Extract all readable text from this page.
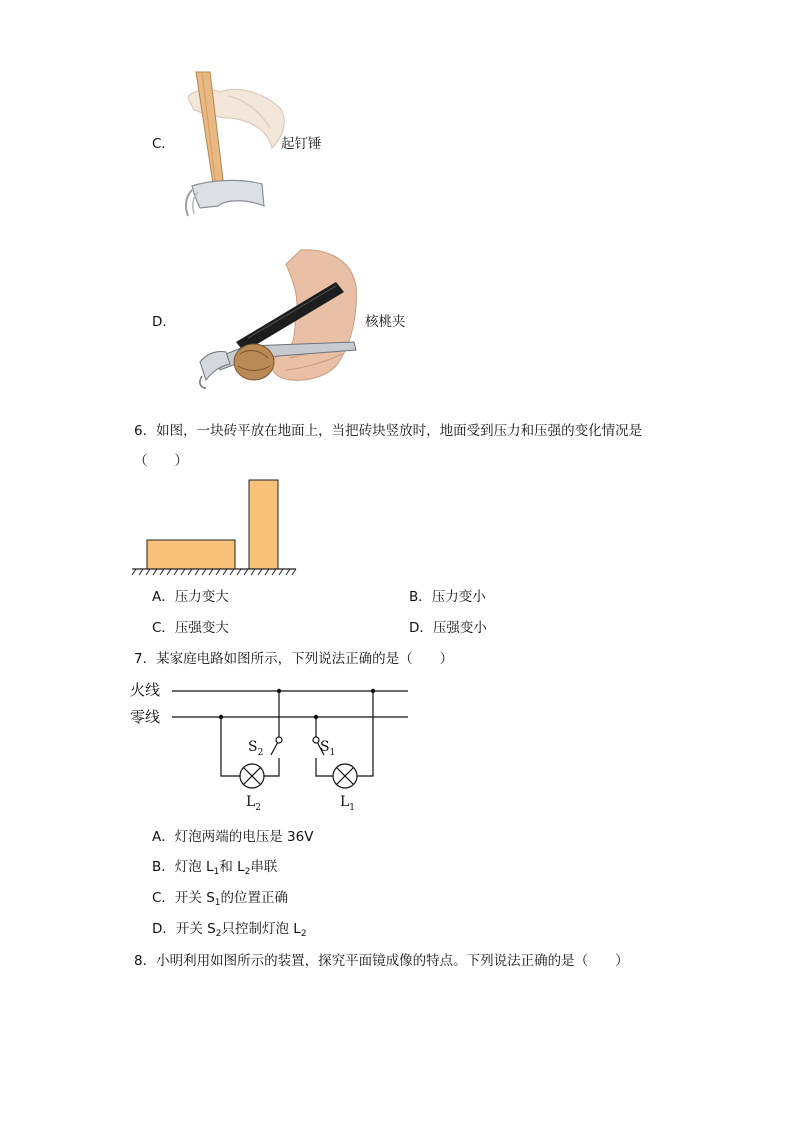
C．	起钉锤
D．	核桃夹
6．如图，一块砖平放在地面上，当把砖块竖放时，地面受到压力和压强的变化情况是
（　　）
A．压力变大	B．压力变小
C．压强变大	D．压强变小
7．某家庭电路如图所示，下列说法正确的是（　　）
火线
零线
$S_2$	$S_1$
$L_2$	$L_1$
A．灯泡两端的电压是 36V
B．灯泡 $L_1$和 $L_2$串联
C．开关 $S_1$的位置正确
D．开关 $S_2$只控制灯泡 $L_2$
8．小明利用如图所示的装置，探究平面镜成像的特点。下列说法正确的是（　　）
